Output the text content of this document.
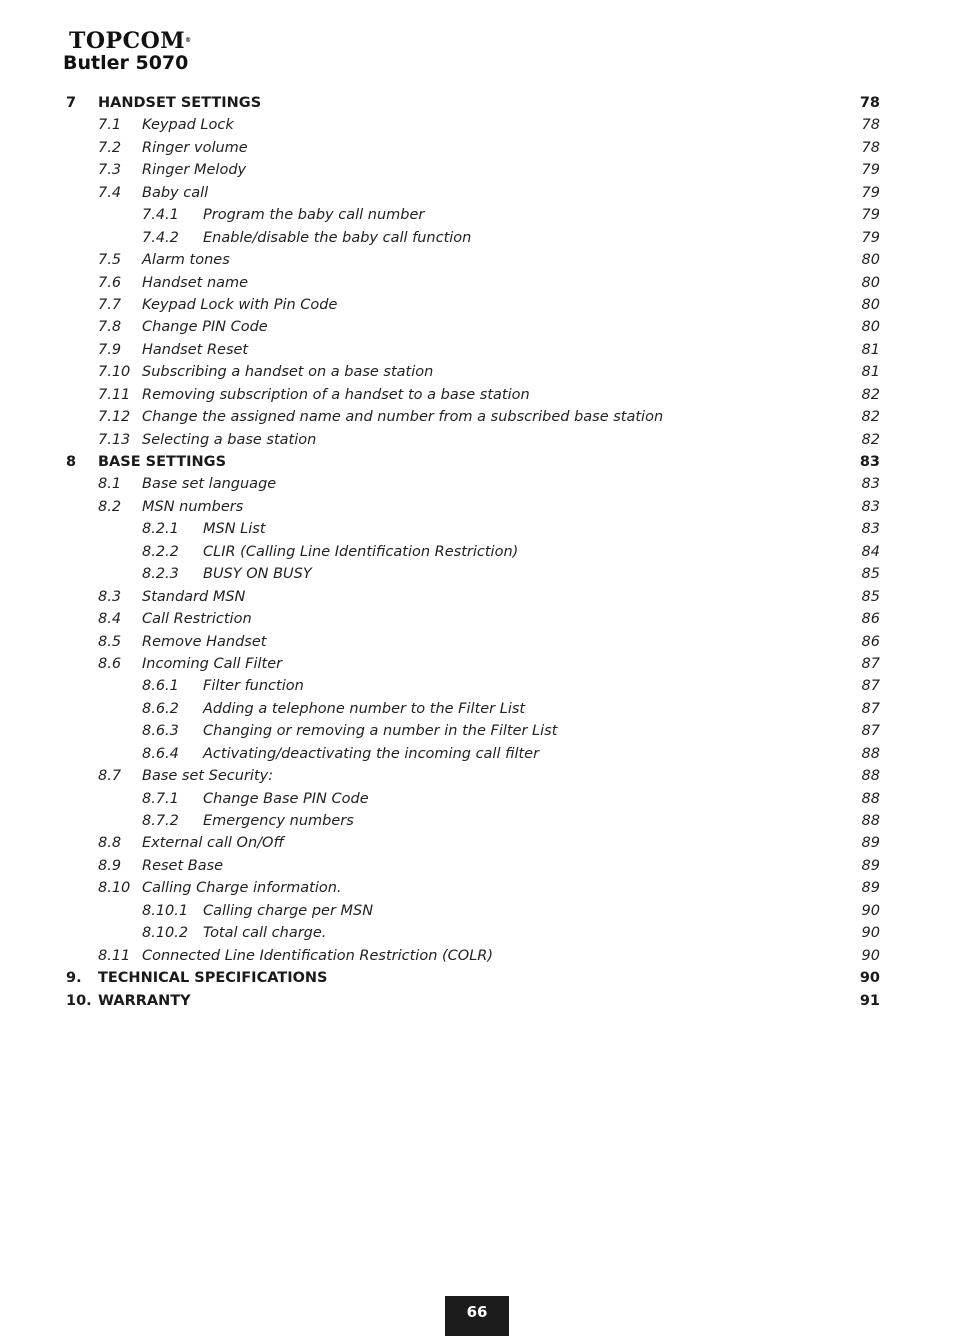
TOPCOM®
Butler 5070
7 HANDSET SETTINGS	78
7.1 Keypad Lock	78
7.2 Ringer volume	78
7.3 Ringer Melody	79
7.4 Baby call	79
7.4.1 Program the baby call number	79
7.4.2 Enable/disable the baby call function	79
7.5 Alarm tones	80
7.6 Handset name	80
7.7 Keypad Lock with Pin Code	80
7.8 Change PIN Code	80
7.9 Handset Reset	81
7.10 Subscribing a handset on a base station	81
7.11 Removing subscription of a handset to a base station	82
7.12 Change the assigned name and number from a subscribed base station	82
7.13 Selecting a base station	82
8 BASE SETTINGS	83
8.1 Base set language	83
8.2 MSN numbers	83
8.2.1 MSN List	83
8.2.2 CLIR (Calling Line Identification Restriction)	84
8.2.3 BUSY ON BUSY	85
8.3 Standard MSN	85
8.4 Call Restriction	86
8.5 Remove Handset	86
8.6 Incoming Call Filter	87
8.6.1 Filter function	87
8.6.2 Adding a telephone number to the Filter List	87
8.6.3 Changing or removing a number in the Filter List	87
8.6.4 Activating/deactivating the incoming call filter	88
8.7 Base set Security:	88
8.7.1 Change Base PIN Code	88
8.7.2 Emergency numbers	88
8.8 External call On/Off	89
8.9 Reset Base	89
8.10 Calling Charge information.	89
8.10.1 Calling charge per MSN	90
8.10.2 Total call charge.	90
8.11 Connected Line Identification Restriction (COLR)	90
9. TECHNICAL SPECIFICATIONS	90
10. WARRANTY	91
66
